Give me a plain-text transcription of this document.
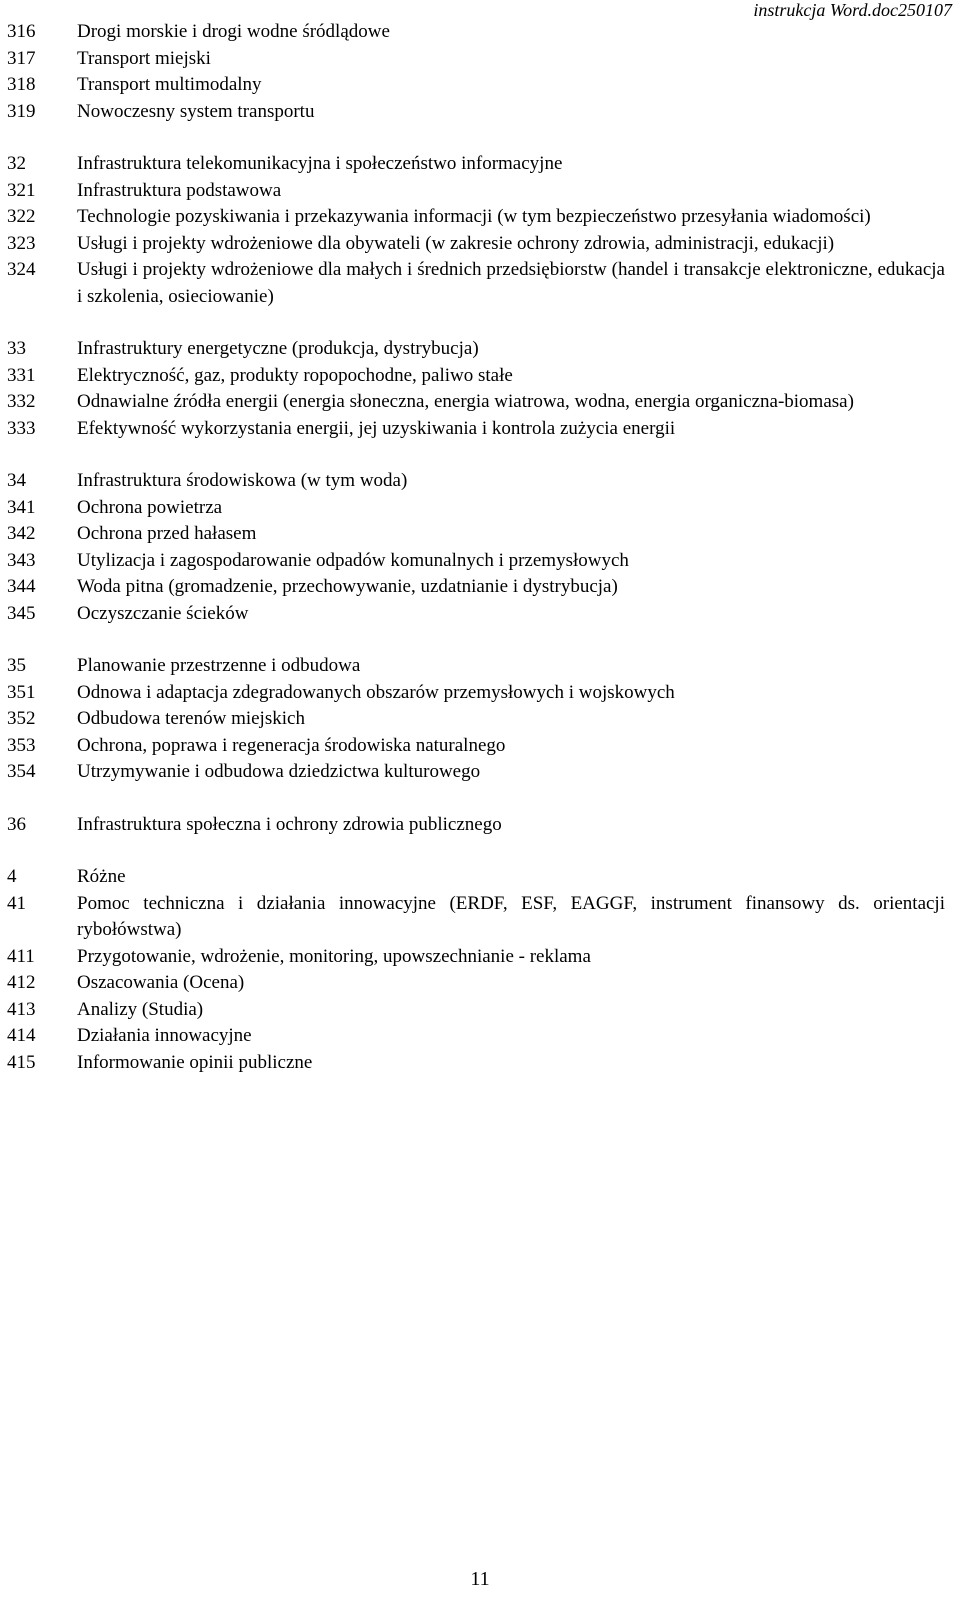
instrukcja Word.doc250107
316	Drogi morskie i drogi wodne śródlądowe
317	Transport miejski
318	Transport multimodalny
319	Nowoczesny system transportu
32	Infrastruktura telekomunikacyjna i społeczeństwo informacyjne
321	Infrastruktura podstawowa
322	Technologie pozyskiwania i przekazywania informacji (w tym bezpieczeństwo przesyłania wiadomości)
323	Usługi i projekty wdrożeniowe dla obywateli (w zakresie ochrony zdrowia, administracji, edukacji)
324	Usługi i projekty wdrożeniowe dla małych i średnich przedsiębiorstw (handel i transakcje elektroniczne, edukacja i szkolenia, osieciowanie)
33	Infrastruktury energetyczne (produkcja, dystrybucja)
331	Elektryczność, gaz, produkty ropopochodne, paliwo stałe
332	Odnawialne źródła energii (energia słoneczna, energia wiatrowa, wodna, energia organiczna-biomasa)
333	Efektywność wykorzystania energii, jej uzyskiwania i kontrola zużycia energii
34	Infrastruktura środowiskowa (w tym woda)
341	Ochrona powietrza
342	Ochrona przed hałasem
343	Utylizacja i zagospodarowanie odpadów komunalnych i przemysłowych
344	Woda pitna (gromadzenie, przechowywanie, uzdatnianie i dystrybucja)
345	Oczyszczanie ścieków
35	Planowanie przestrzenne i odbudowa
351	Odnowa i adaptacja zdegradowanych obszarów przemysłowych i wojskowych
352	Odbudowa terenów miejskich
353	Ochrona, poprawa i regeneracja środowiska naturalnego
354	Utrzymywanie i odbudowa dziedzictwa kulturowego
36	Infrastruktura społeczna i ochrony zdrowia publicznego
4	Różne
41	Pomoc techniczna i działania innowacyjne (ERDF, ESF, EAGGF, instrument finansowy ds. orientacji rybołówstwa)
411	Przygotowanie, wdrożenie, monitoring, upowszechnianie - reklama
412	Oszacowania (Ocena)
413	Analizy (Studia)
414	Działania innowacyjne
415	Informowanie opinii publiczne
11
